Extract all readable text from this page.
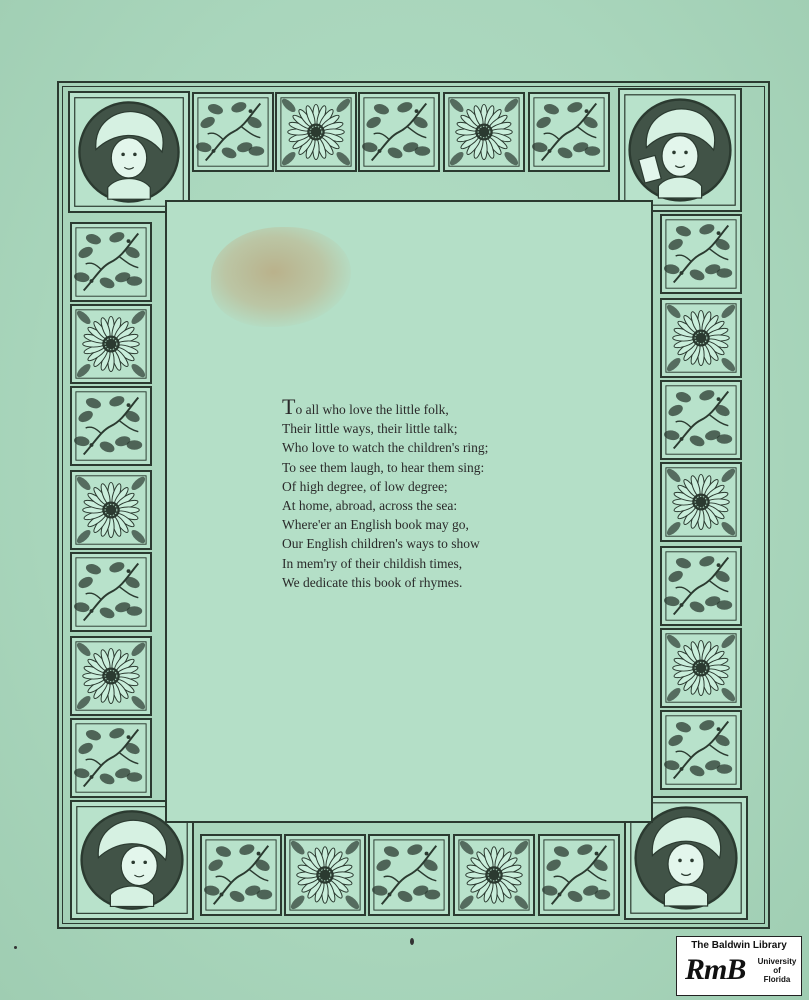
To all who love the little folk,
Their little ways, their little talk;
Who love to watch the children's ring;
To see them laugh, to hear them sing:
Of high degree, of low degree;
At home, abroad, across the sea:
Where'er an English book may go,
Our English children's ways to show
In mem'ry of their childish times,
We dedicate this book of rhymes.
The Baldwin Library
RmB	University
of
Florida
